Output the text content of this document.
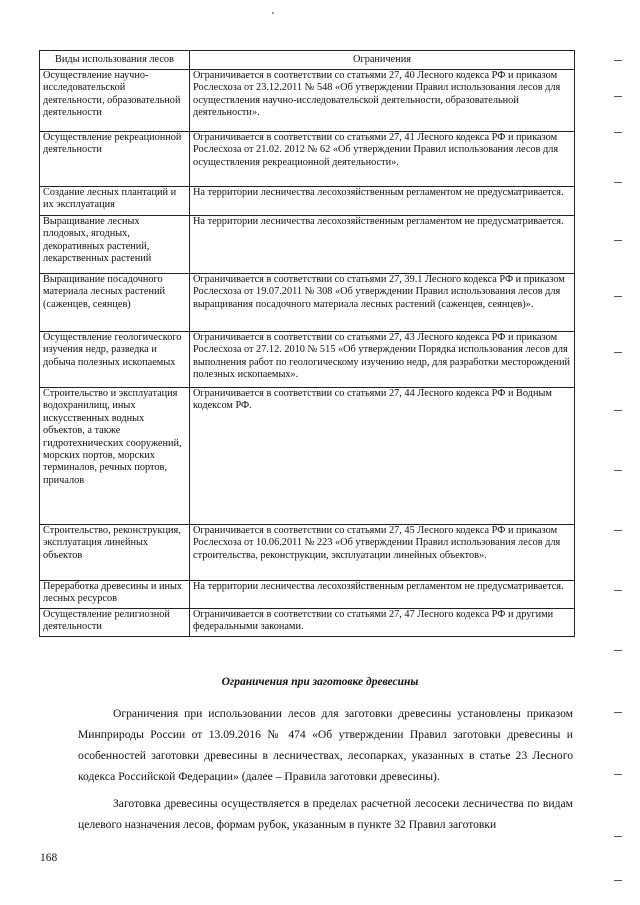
Виды использования лесов	Ограничения
Осуществление научно-исследовательской деятельности, образовательной деятельности	Ограничивается в соответствии со статьями 27, 40 Лесного кодекса РФ и приказом Рослесхоза от 23.12.2011 № 548 «Об утверждении Правил использования лесов для осуществления научно-исследовательской деятельности, образовательной деятельности».
Осуществление рекреационной деятельности	Ограничивается в соответствии со статьями 27, 41 Лесного кодекса РФ и приказом Рослесхоза от 21.02. 2012 № 62 «Об утверждении Правил использования лесов для осуществления рекреационной деятельности».
Создание лесных плантаций и их эксплуатация	На территории лесничества лесохозяйственным регламентом не предусматривается.
Выращивание лесных плодовых, ягодных, декоративных растений, лекарственных растений	На территории лесничества лесохозяйственным регламентом не предусматривается.
Выращивание посадочного материала лесных растений (саженцев, сеянцев)	Ограничивается в соответствии со статьями 27, 39.1 Лесного кодекса РФ и приказом Рослесхоза от 19.07.2011 № 308 «Об утверждении Правил использования лесов для выращивания посадочного материала лесных растений (саженцев, сеянцев)».
Осуществление геологического изучения недр, разведка и добыча полезных ископаемых	Ограничивается в соответствии со статьями 27, 43 Лесного кодекса РФ и приказом Рослесхоза от 27.12. 2010 № 515 «Об утверждении Порядка использования лесов для выполнения работ по геологическому изучению недр, для разработки месторождений полезных ископаемых».
Строительство и эксплуатация водохранилищ, иных искусственных водных объектов, а также гидротехнических сооружений, морских портов, морских терминалов, речных портов, причалов	Ограничивается в соответствии со статьями 27, 44 Лесного кодекса РФ и Водным кодексом РФ.
Строительство, реконструкция, эксплуатация линейных объектов	Ограничивается в соответствии со статьями 27, 45 Лесного кодекса РФ и приказом Рослесхоза от 10.06.2011 № 223 «Об утверждении Правил использования лесов для строительства, реконструкции, эксплуатации линейных объектов».
Переработка древесины и иных лесных ресурсов	На территории лесничества лесохозяйственным регламентом не предусматривается.
Осуществление религиозной деятельности	Ограничивается в соответствии со статьями 27, 47 Лесного кодекса РФ и другими федеральными законами.
Ограничения при заготовке древесины
Ограничения при использовании лесов для заготовки древесины установлены приказом Минприроды России от 13.09.2016 № 474 «Об утверждении Правил заготовки древесины и особенностей заготовки древесины в лесничествах, лесопарках, указанных в статье 23 Лесного кодекса Российской Федерации» (далее – Правила заготовки древесины).
Заготовка древесины осуществляется в пределах расчетной лесосеки лесничества по видам целевого назначения лесов, формам рубок, указанным в пункте 32 Правил заготовки
168
